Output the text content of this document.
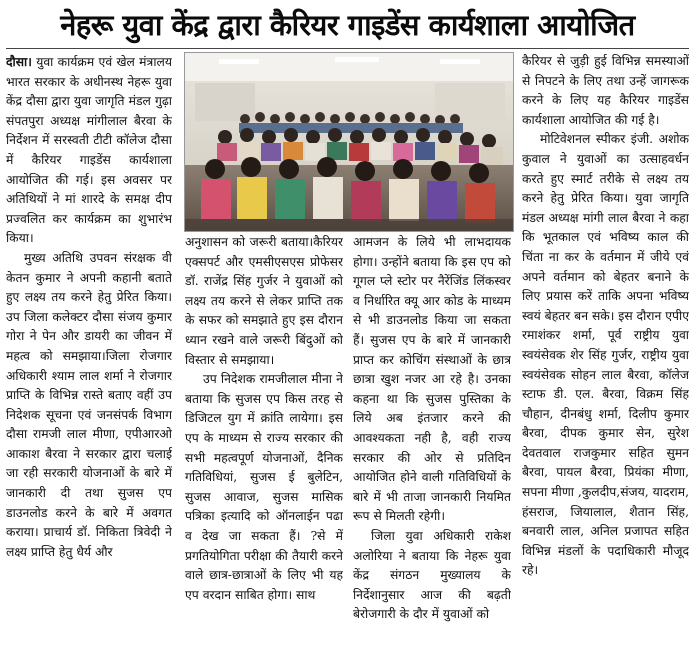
नेहरू युवा केंद्र द्वारा कैरियर गाइडेंस कार्यशाला आयोजित

दौसा। युवा कार्यक्रम एवं खेल मंत्रालय भारत सरकार के अधीनस्थ नेहरू युवा केंद्र दौसा द्वारा युवा जागृति मंडल गुढ़ा संपतपुरा अध्यक्ष मांगीलाल बैरवा के निर्देशन में सरस्वती टीटी कॉलेज दौसा में कैरियर गाइडेंस कार्यशाला आयोजित की गई। इस अवसर पर अतिथियों ने मां शारदे के समक्ष दीप प्रज्वलित कर कार्यक्रम का शुभारंभ किया।

मुख्य अतिथि उपवन संरक्षक वी केतन कुमार ने अपनी कहानी बताते हुए लक्ष्य तय करने हेतु प्रेरित किया। उप जिला कलेक्टर दौसा संजय कुमार गोरा ने पेन और डायरी का जीवन में महत्व को समझाया।जिला रोजगार अधिकारी श्याम लाल शर्मा ने रोजगार प्राप्ति के विभिन्न रास्ते बताए वहीं उप निदेशक सूचना एवं जनसंपर्क विभाग दौसा रामजी लाल मीणा, एपीआरओ आकाश बैरवा ने सरकार द्वारा चलाई जा रही सरकारी योजनाओं के बारे में जानकारी दी तथा सुजस एप डाउनलोड करने के बारे में अवगत कराया। प्राचार्य डॉ. निकिता त्रिवेदी ने लक्ष्य प्राप्ति हेतु धैर्य और

अनुशासन को जरूरी बताया।कैरियर एक्सपर्ट और एमसीएसएस प्रोफेसर डॉ. राजेंद्र सिंह गुर्जर ने युवाओं को लक्ष्य तय करने से लेकर प्राप्ति तक के सफर को समझाते हुए इस दौरान ध्यान रखने वाले जरूरी बिंदुओं को विस्तार से समझाया।

उप निदेशक रामजीलाल मीना ने बताया कि सुजस एप किस तरह से डिजिटल युग में क्रांति लायेगा। इस एप के माध्यम से राज्य सरकार की सभी महत्वपूर्ण योजनाओं, दैनिक गतिविधियां, सुजस ई बुलेटिन, सुजस आवाज, सुजस मासिक पत्रिका इत्यादि को ऑनलाईन पढा व देख जा सकता हैं। ?से में प्रगतियोगिता परीक्षा की तैयारी करने वाले छात्र-छात्राओं के लिए भी यह एप वरदान साबित होगा। साथ

आमजन के लिये भी लाभदायक होगा। उन्होंने बताया कि इस एप को गूगल प्ले स्टोर पर नैरेंजिंड लिंकस्वर व निर्धारित क्यू आर कोड के माध्यम से भी डाउनलोड किया जा सकता हैं। सुजस एप के बारे में जानकारी प्राप्त कर कोचिंग संस्थाओं के छात्र छात्रा खुश नजर आ रहे है। उनका कहना था कि सुजस पुस्तिका के लिये अब इंतजार करने की आवश्यकता नही है, वही राज्य सरकार की ओर से प्रतिदिन आयोजित होने वाली गतिविधियों के बारे में भी ताजा जानकारी नियमित रूप से मिलती रहेगी।

जिला युवा अधिकारी राकेश अलोरिया ने बताया कि नेहरू युवा केंद्र संगठन मुख्यालय के निर्देशानुसार आज की बढ़ती बेरोजगारी के दौर में युवाओं को

कैरियर से जुड़ी हुई विभिन्न समस्याओं से निपटने के लिए तथा उन्हें जागरूक करने के लिए यह कैरियर गाइडेंस कार्यशाला आयोजित की गई है।

मोटिवेशनल स्पीकर इंजी. अशोक कुवाल ने युवाओं का उत्साहवर्धन करते हुए स्मार्ट तरीके से लक्ष्य तय करने हेतु प्रेरित किया। युवा जागृति मंडल अध्यक्ष मांगी लाल बैरवा ने कहा कि भूतकाल एवं भविष्य काल की चिंता ना कर के वर्तमान में जीये एवं अपने वर्तमान को बेहतर बनाने के लिए प्रयास करें ताकि अपना भविष्य स्वयं बेहतर बन सके। इस दौरान एपीए रमाशंकर शर्मा, पूर्व राष्ट्रीय युवा स्वयंसेवक शेर सिंह गुर्जर, राष्ट्रीय युवा स्वयंसेवक सोहन लाल बैरवा, कॉलेज स्टाफ डी. एल. बैरवा, विक्रम सिंह चौहान, दीनबंधु शर्मा, दिलीप कुमार बैरवा, दीपक कुमार सेन, सुरेश देवतवाल राजकुमार सहित सुमन बैरवा, पायल बैरवा, प्रियंका मीणा, सपना मीणा ,कुलदीप,संजय, यादराम, हंसराज, जियालाल, शैतान सिंह, बनवारी लाल, अनिल प्रजापत सहित विभिन्न मंडलों के पदाधिकारी मौजूद रहे।
